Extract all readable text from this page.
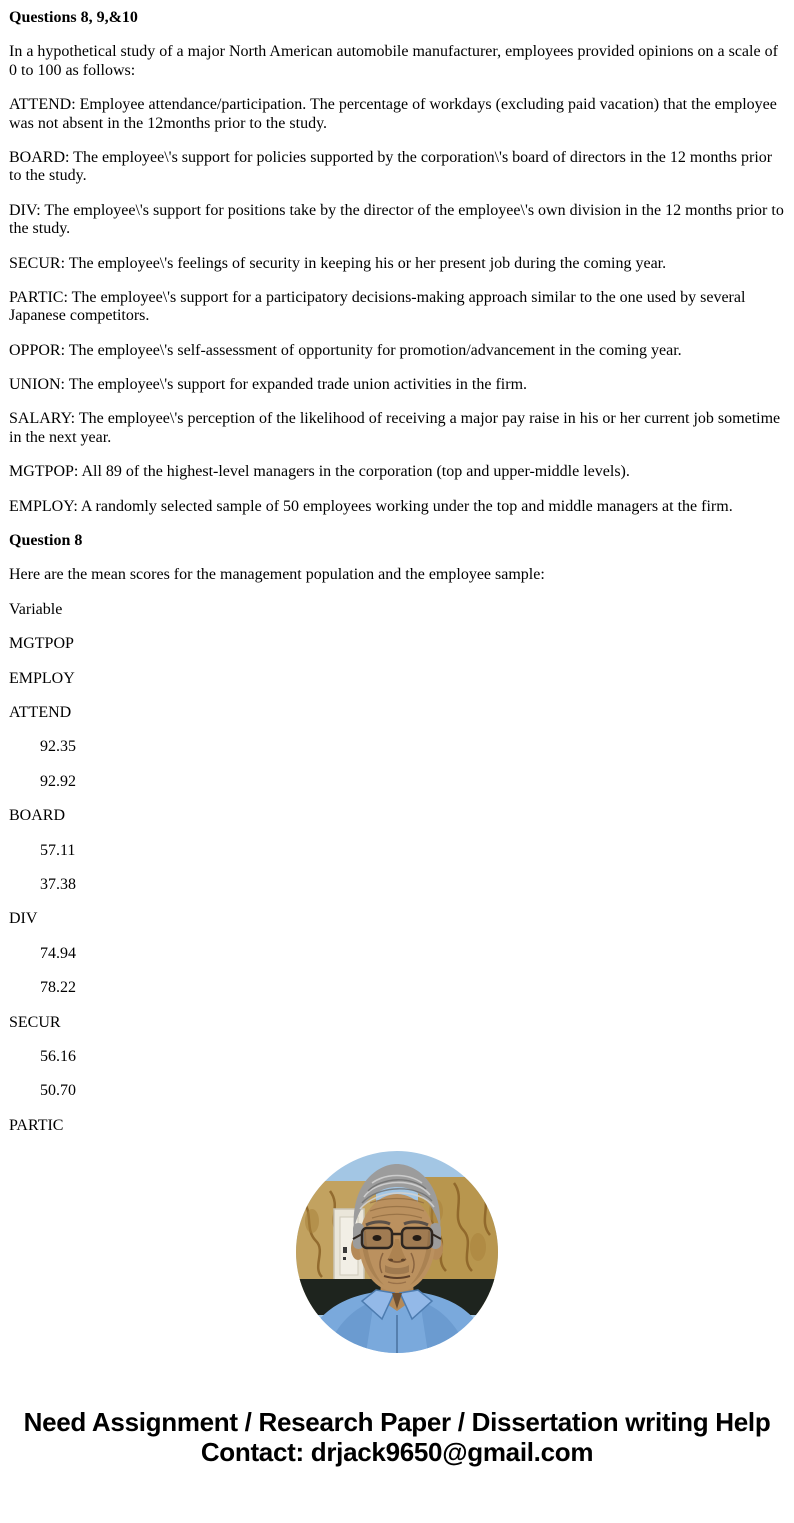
Questions 8, 9,&10

In a hypothetical study of a major North American automobile manufacturer, employees provided opinions on a scale of 0 to 100 as follows:

ATTEND: Employee attendance/participation. The percentage of workdays (excluding paid vacation) that the employee was not absent in the 12months prior to the study.

BOARD: The employee\'s support for policies supported by the corporation\'s board of directors in the 12 months prior to the study.

DIV: The employee\'s support for positions take by the director of the employee\'s own division in the 12 months prior to the study.

SECUR: The employee\'s feelings of security in keeping his or her present job during the coming year.

PARTIC: The employee\'s support for a participatory decisions-making approach similar to the one used by several Japanese competitors.

OPPOR: The employee\'s self-assessment of opportunity for promotion/advancement in the coming year.

UNION: The employee\'s support for expanded trade union activities in the firm.

SALARY: The employee\'s perception of the likelihood of receiving a major pay raise in his or her current job sometime in the next year.

MGTPOP: All 89 of the highest-level managers in the corporation (top and upper-middle levels).

EMPLOY: A randomly selected sample of 50 employees working under the top and middle managers at the firm.

Question 8

Here are the mean scores for the management population and the employee sample:

Variable

MGTPOP

EMPLOY

ATTEND

92.35

92.92

BOARD

57.11

37.38

DIV

74.94

78.22

SECUR

56.16

50.70

PARTIC

Need Assignment / Research Paper / Dissertation writing Help
Contact: drjack9650@gmail.com
